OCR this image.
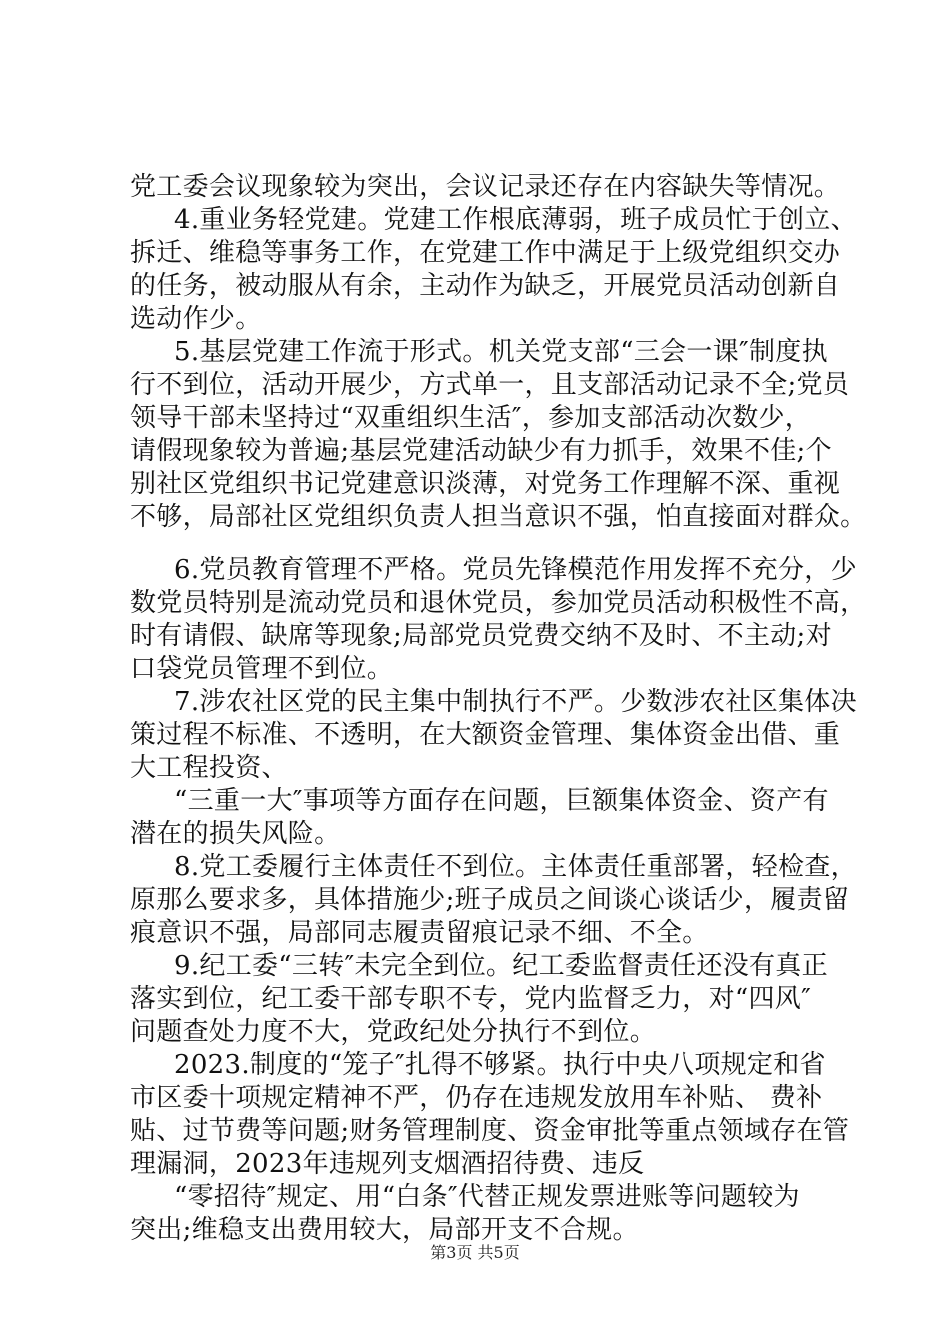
党工委会议现象较为突出，会议记录还存在内容缺失等情况。
4.重业务轻党建。党建工作根底薄弱，班子成员忙于创立、
拆迁、维稳等事务工作，在党建工作中满足于上级党组织交办
的任务，被动服从有余，主动作为缺乏，开展党员活动创新自
选动作少。
5.基层党建工作流于形式。机关党支部“三会一课″制度执
行不到位，活动开展少，方式单一，且支部活动记录不全;党员
领导干部未坚持过“双重组织生活″，参加支部活动次数少，
请假现象较为普遍;基层党建活动缺少有力抓手，效果不佳;个
别社区党组织书记党建意识淡薄，对党务工作理解不深、重视
不够，局部社区党组织负责人担当意识不强，怕直接面对群众。
6.党员教育管理不严格。党员先锋模范作用发挥不充分，少
数党员特别是流动党员和退休党员，参加党员活动积极性不高，
时有请假、缺席等现象;局部党员党费交纳不及时、不主动;对
口袋党员管理不到位。
7.涉农社区党的民主集中制执行不严。少数涉农社区集体决
策过程不标准、不透明，在大额资金管理、集体资金出借、重
大工程投资、
“三重一大″事项等方面存在问题，巨额集体资金、资产有
潜在的损失风险。
8.党工委履行主体责任不到位。主体责任重部署，轻检查，
原那么要求多，具体措施少;班子成员之间谈心谈话少，履责留
痕意识不强，局部同志履责留痕记录不细、不全。
9.纪工委“三转″未完全到位。纪工委监督责任还没有真正
落实到位，纪工委干部专职不专，党内监督乏力，对“四风″
问题查处力度不大，党政纪处分执行不到位。
2023.制度的“笼子″扎得不够紧。执行中央八项规定和省
市区委十项规定精神不严，仍存在违规发放用车补贴、 费补
贴、过节费等问题;财务管理制度、资金审批等重点领域存在管
理漏洞，2023年违规列支烟酒招待费、违反
“零招待″规定、用“白条″代替正规发票进账等问题较为
突出;维稳支出费用较大，局部开支不合规。
第3页 共5页
